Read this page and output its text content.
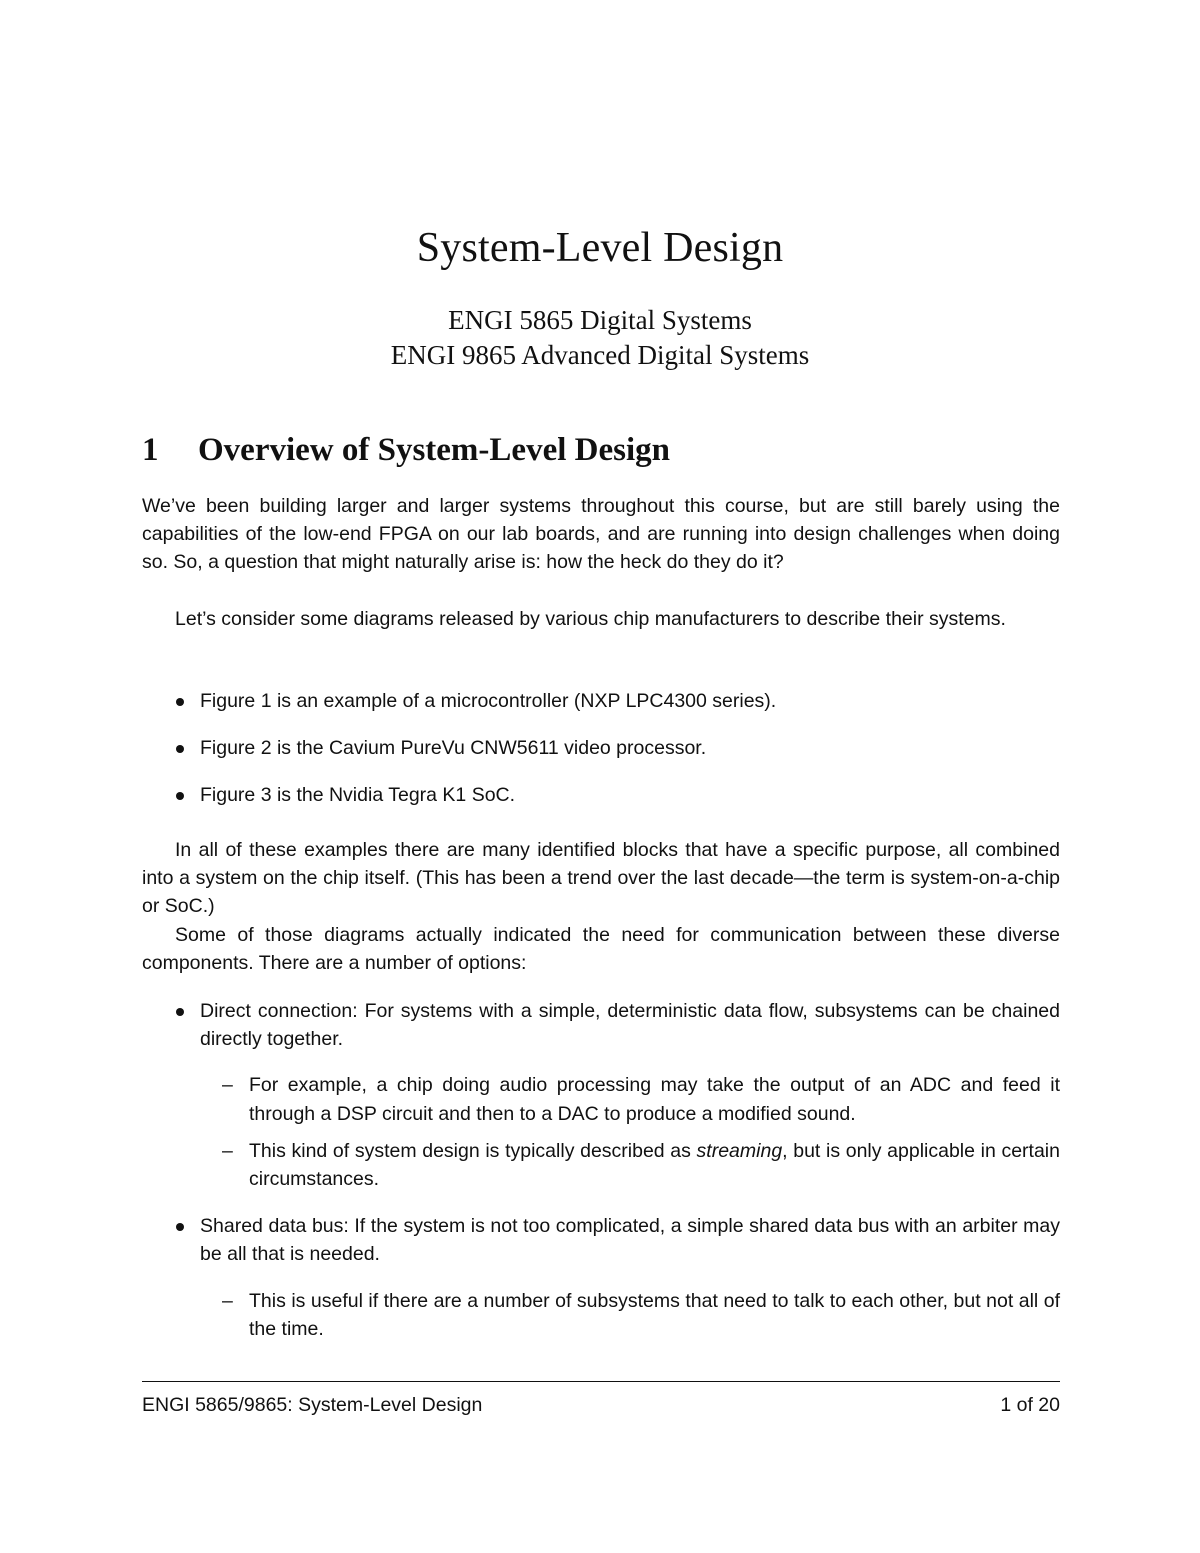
System-Level Design
ENGI 5865 Digital Systems
ENGI 9865 Advanced Digital Systems
1 Overview of System-Level Design

We’ve been building larger and larger systems throughout this course, but are still barely using the capabilities of the low-end FPGA on our lab boards, and are running into design challenges when doing so. So, a question that might naturally arise is: how the heck do they do it?

Let’s consider some diagrams released by various chip manufacturers to describe their systems.

Figure 1 is an example of a microcontroller (NXP LPC4300 series).
Figure 2 is the Cavium PureVu CNW5611 video processor.
Figure 3 is the Nvidia Tegra K1 SoC.

In all of these examples there are many identified blocks that have a specific purpose, all combined into a system on the chip itself. (This has been a trend over the last decade—the term is system-on-a-chip or SoC.)

Some of those diagrams actually indicated the need for communication between these diverse components. There are a number of options:

Direct connection: For systems with a simple, deterministic data flow, subsystems can be chained directly together.
– For example, a chip doing audio processing may take the output of an ADC and feed it through a DSP circuit and then to a DAC to produce a modified sound.
– This kind of system design is typically described as streaming, but is only applicable in certain circumstances.
Shared data bus: If the system is not too complicated, a simple shared data bus with an arbiter may be all that is needed.
– This is useful if there are a number of subsystems that need to talk to each other, but not all of the time.
ENGI 5865/9865: System-Level Design	1 of 20
